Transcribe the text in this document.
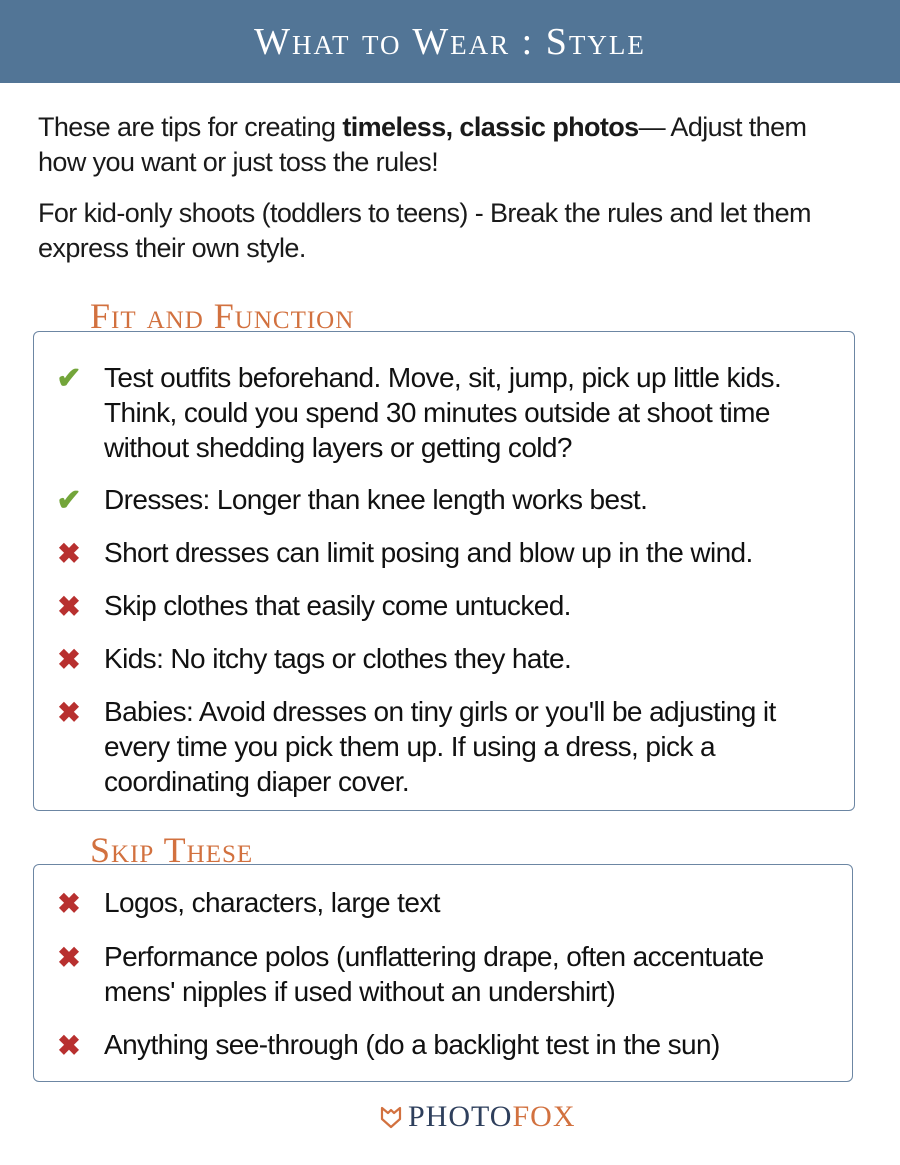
What to Wear : Style

These are tips for creating timeless, classic photos— Adjust them how you want or just toss the rules!

For kid-only shoots (toddlers to teens) - Break the rules and let them express their own style.

Fit and Function
✔ Test outfits beforehand. Move, sit, jump, pick up little kids. Think, could you spend 30 minutes outside at shoot time without shedding layers or getting cold?
✔ Dresses: Longer than knee length works best.
✖ Short dresses can limit posing and blow up in the wind.
✖ Skip clothes that easily come untucked.
✖ Kids: No itchy tags or clothes they hate.
✖ Babies: Avoid dresses on tiny girls or you'll be adjusting it every time you pick them up. If using a dress, pick a coordinating diaper cover.
Skip These
✖ Logos, characters, large text
✖ Performance polos (unflattering drape, often accentuate mens' nipples if used without an undershirt)
✖ Anything see-through (do a backlight test in the sun)
PHOTOFOX
